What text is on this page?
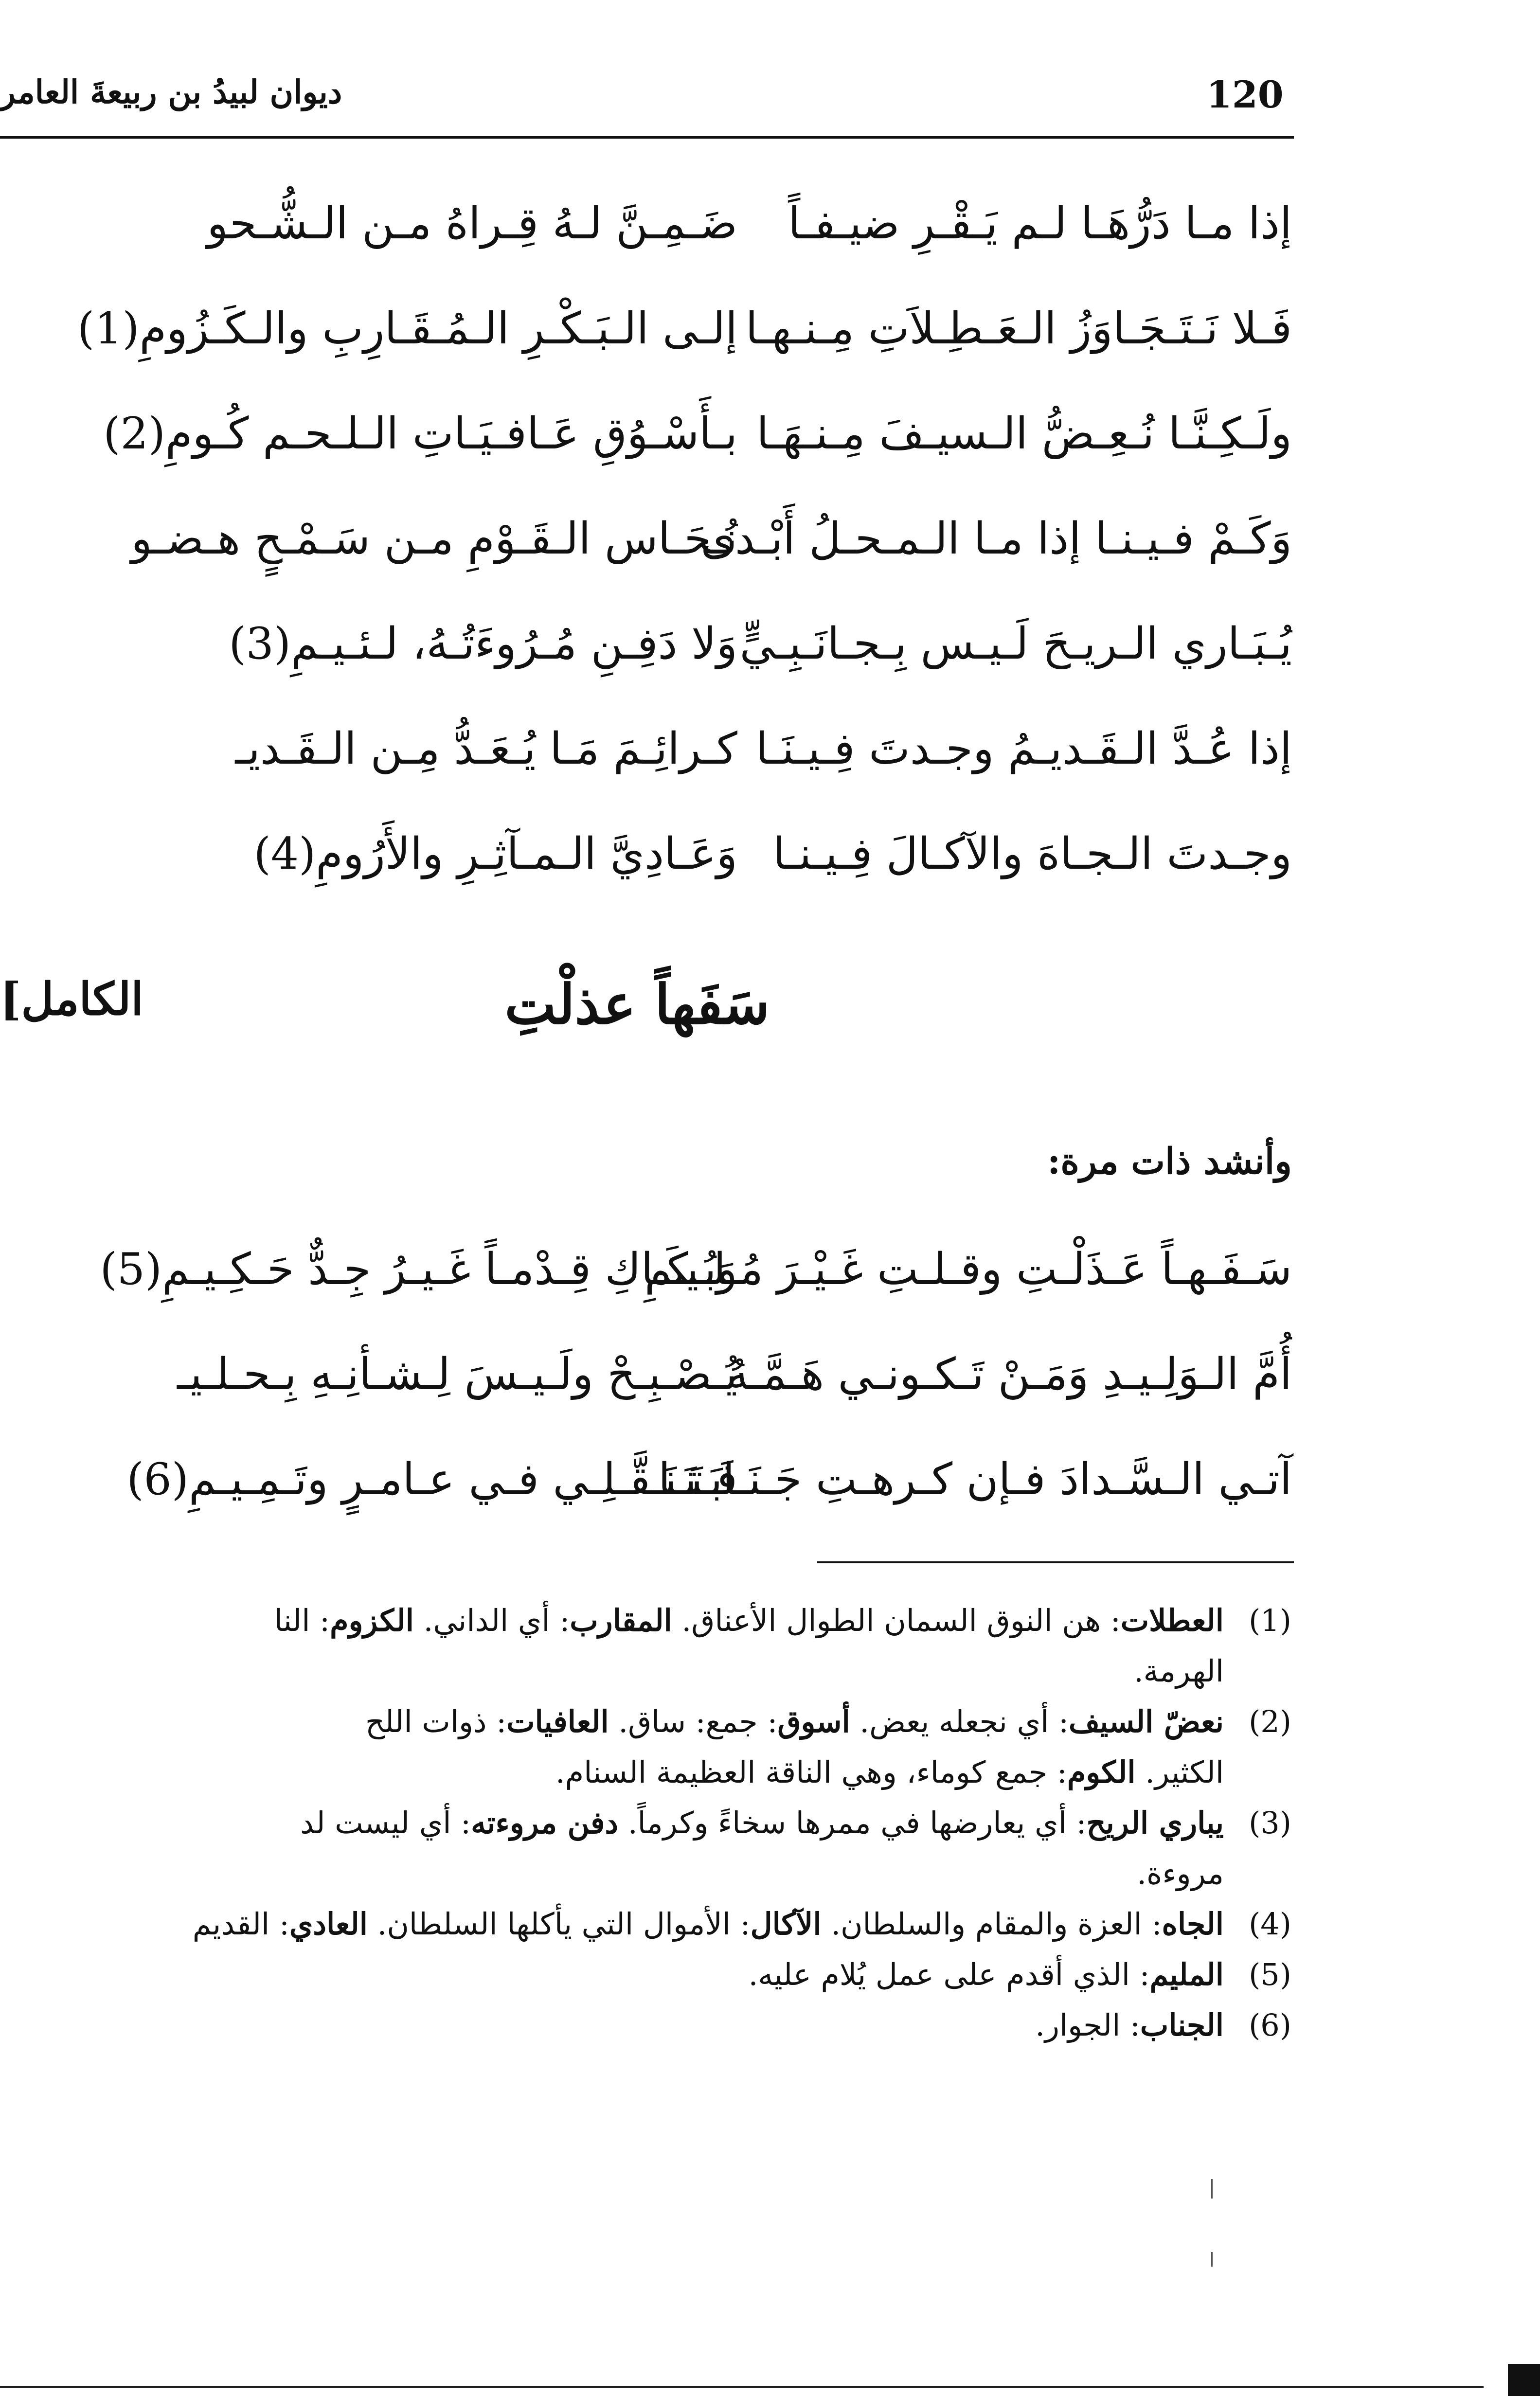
120
ديوان لبيدُ بن ربيعةَ العامر
إذا مـا دَرُّهَـا لـم يَـقْـرِ ضيـفـاً
ضَـمِـنَّ لـهُ قِـراهُ مـن الـشُّـحو
فَـلا نَـتَـجَـاوَزُ الـعَـطِـلاَتِ مِـنـهـا
إلـى الـبَـكْـرِ الـمُـقَـارِبِ والـكَـزُومِ(1)
ولَـكِـنَّـا نُـعِـضُّ الـسيـفَ مِـنـهَـا
بـأَسْـوُقِ عَـافـيَـاتِ الـلـحـم كُـومِ(2)
وَكَـمْ فـيـنـا إذا مـا الـمـحـلُ أَبْـدى
نُـحَـاس الـقَـوْمِ مـن سَـمْـحٍ هـضـو
يُـبَـاري الـريـحَ لَـيـس بِـجـانَـبِـيٍّ
وَلا دَفِـنِ مُـرُوءَتُـهُ، لـئـيـمِ(3)
إذا عُـدَّ الـقَـديـمُ وجـدتَ فِـيـنَـا
كـرائِـمَ مَـا يُـعَـدُّ مِـن الـقَـديـ
وجـدتَ الـجـاهَ والآكـالَ فِـيـنـا
وَعَـادِيَّ الـمـآثِـرِ والأَرُومِ(4)
سَفَهاً عذلْتِ
[الكامل
وأنشد ذات مرة:
سَـفَـهـاً عَـذَلْـتِ وقـلـتِ غَـيْـرَ مُـلـيـمِ
وَبُـكَـاكِ قِـدْمـاً غَـيـرُ جِـدٌّ حَـكِـيـمِ(5)
أُمَّ الـوَلِـيـدِ وَمَـنْ تَـكـونـي هَـمَّـهُ
يُـصْـبِـحْ ولَـيـسَ لِـشـأنِـهِ بِـحـلـيـ
آتـي الـسَّـدادَ فـإن كـرهـتِ جَـنَـابَـنَـا
فَـتَـنَـقَّـلِـي فـي عـامـرٍ وتَـمِـيـمِ(6)
(1)
العطلات: هن النوق السمان الطوال الأعناق. المقارب: أي الداني. الكزوم: النا
الهرمة.
(2)
نعضّ السيف: أي نجعله يعض. أسوق: جمع: ساق. العافيات: ذوات اللح
الكثير. الكوم: جمع كوماء، وهي الناقة العظيمة السنام.
(3)
يباري الريح: أي يعارضها في ممرها سخاءً وكرماً. دفن مروءته: أي ليست لد
مروءة.
(4)
الجاه: العزة والمقام والسلطان. الآكال: الأموال التي يأكلها السلطان. العادي: القديم
(5)
المليم: الذي أقدم على عمل يُلام عليه.
(6)
الجناب: الجوار.
